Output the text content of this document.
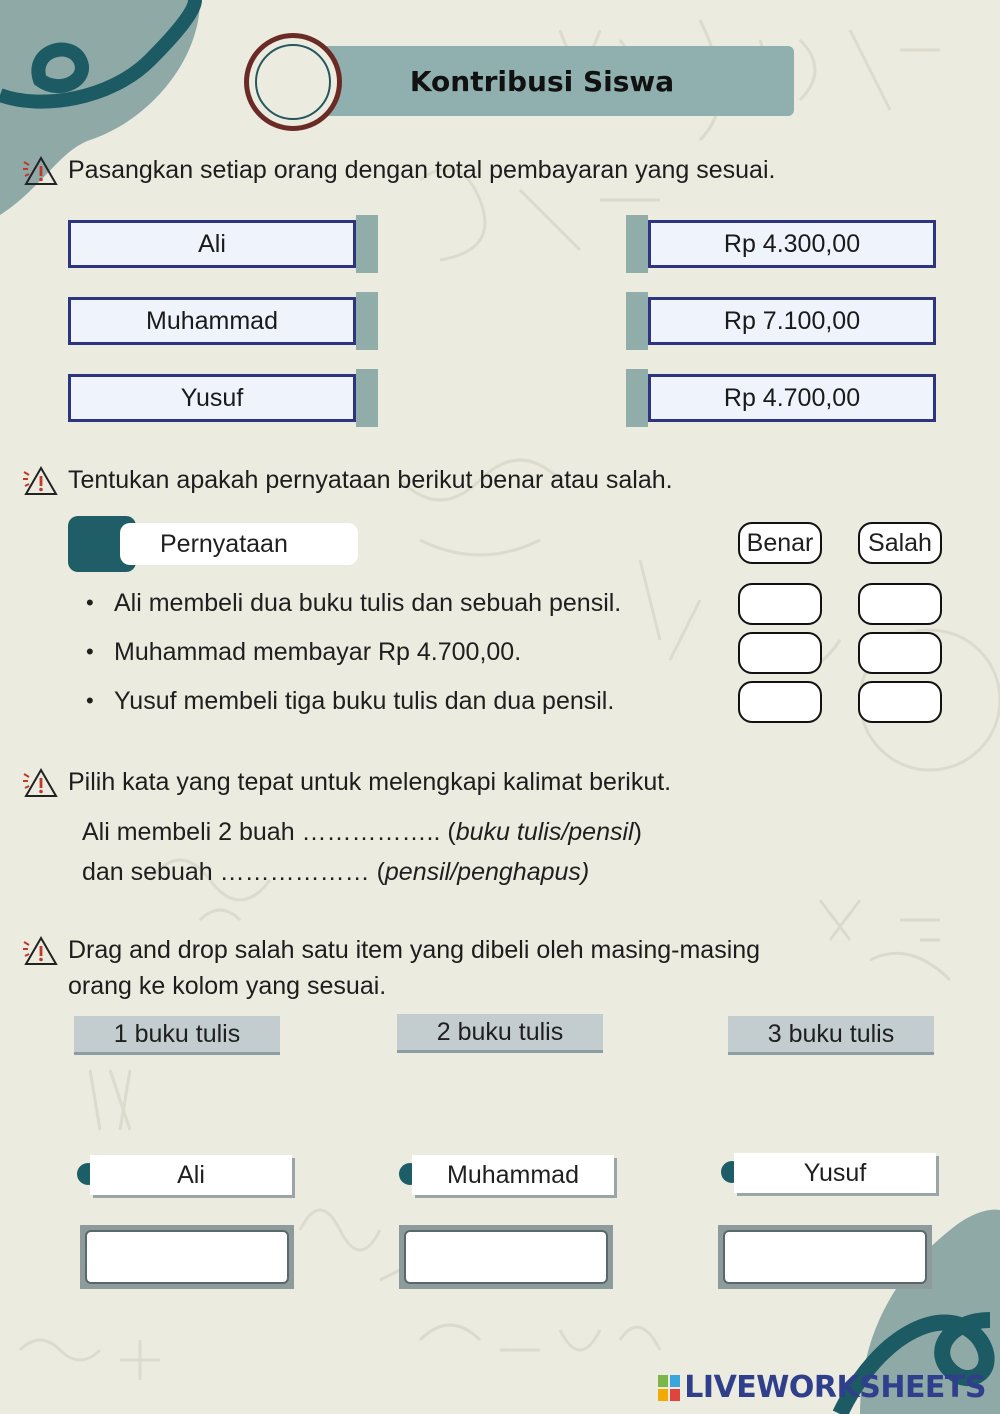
Kontribusi Siswa
Pasangkan setiap orang dengan total pembayaran yang sesuai.
Ali
Muhammad
Yusuf
Rp 4.300,00
Rp 7.100,00
Rp 4.700,00
Tentukan apakah pernyataan berikut benar atau salah.
Pernyataan
• Ali membeli dua buku tulis dan sebuah pensil.
• Muhammad membayar Rp 4.700,00.
• Yusuf membeli tiga buku tulis dan dua pensil.
Benar	Salah
Pilih kata yang tepat untuk melengkapi kalimat berikut.
Ali membeli 2 buah …………….. (buku tulis/pensil)
dan sebuah ……………… (pensil/penghapus)
Drag and drop salah satu item yang dibeli oleh masing-masing
orang ke kolom yang sesuai.
1 buku tulis	2 buku tulis	3 buku tulis
Ali	Muhammad	Yusuf
LIVEWORKSHEETS
